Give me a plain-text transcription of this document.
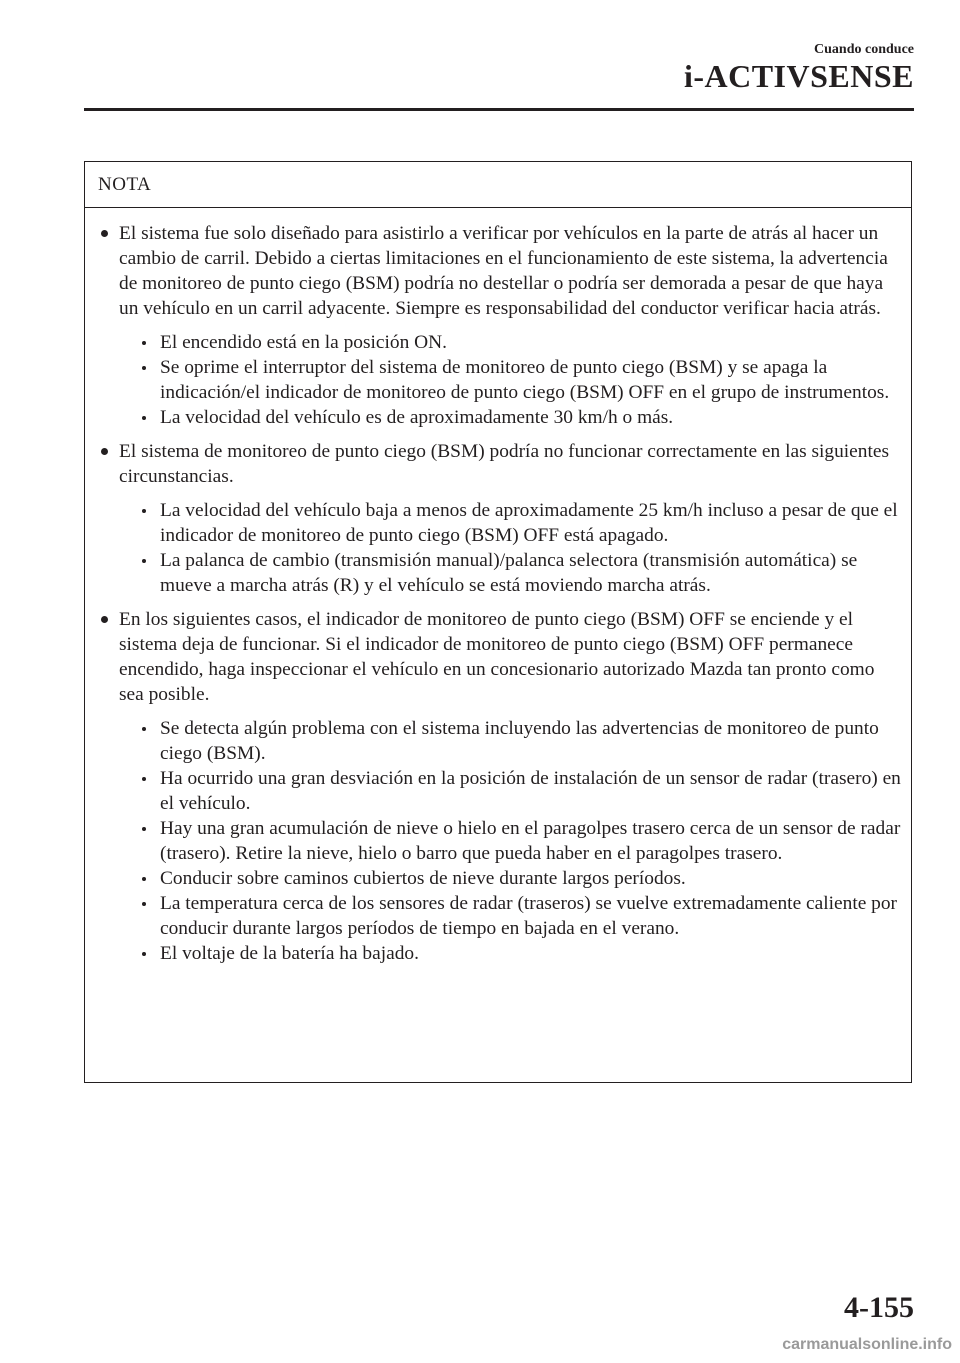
Cuando conduce
i-ACTIVSENSE
NOTA
El sistema fue solo diseñado para asistirlo a verificar por vehículos en la parte de atrás al hacer un cambio de carril. Debido a ciertas limitaciones en el funcionamiento de este sistema, la advertencia de monitoreo de punto ciego (BSM) podría no destellar o podría ser demorada a pesar de que haya un vehículo en un carril adyacente. Siempre es responsabilidad del conductor verificar hacia atrás.
El encendido está en la posición ON.
Se oprime el interruptor del sistema de monitoreo de punto ciego (BSM) y se apaga la indicación/el indicador de monitoreo de punto ciego (BSM) OFF en el grupo de instrumentos.
La velocidad del vehículo es de aproximadamente 30 km/h o más.
El sistema de monitoreo de punto ciego (BSM) podría no funcionar correctamente en las siguientes circunstancias.
La velocidad del vehículo baja a menos de aproximadamente 25 km/h incluso a pesar de que el indicador de monitoreo de punto ciego (BSM) OFF está apagado.
La palanca de cambio (transmisión manual)/palanca selectora (transmisión automática) se mueve a marcha atrás (R) y el vehículo se está moviendo marcha atrás.
En los siguientes casos, el indicador de monitoreo de punto ciego (BSM) OFF se enciende y el sistema deja de funcionar. Si el indicador de monitoreo de punto ciego (BSM) OFF permanece encendido, haga inspeccionar el vehículo en un concesionario autorizado Mazda tan pronto como sea posible.
Se detecta algún problema con el sistema incluyendo las advertencias de monitoreo de punto ciego (BSM).
Ha ocurrido una gran desviación en la posición de instalación de un sensor de radar (trasero) en el vehículo.
Hay una gran acumulación de nieve o hielo en el paragolpes trasero cerca de un sensor de radar (trasero). Retire la nieve, hielo o barro que pueda haber en el paragolpes trasero.
Conducir sobre caminos cubiertos de nieve durante largos períodos.
La temperatura cerca de los sensores de radar (traseros) se vuelve extremadamente caliente por conducir durante largos períodos de tiempo en bajada en el verano.
El voltaje de la batería ha bajado.
4-155
carmanualsonline.info
